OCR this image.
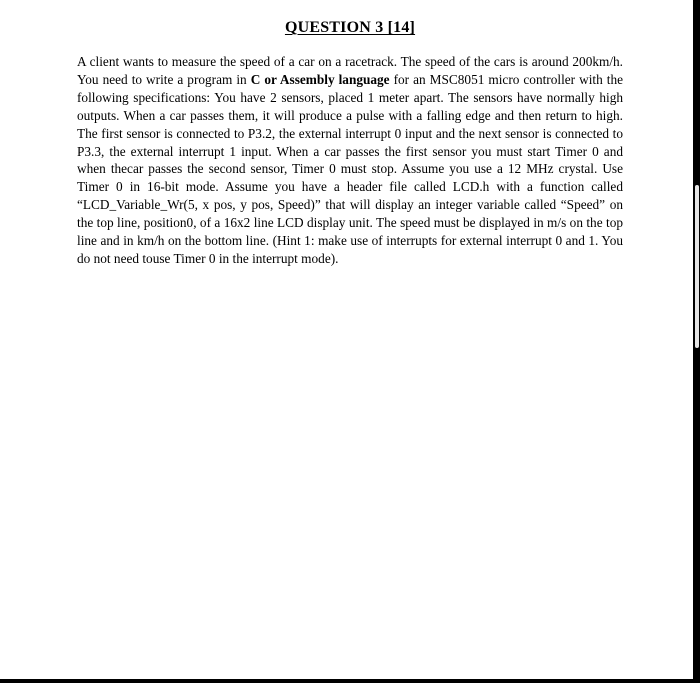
QUESTION 3 [14]

A client wants to measure the speed of a car on a racetrack. The speed of the cars is around 200km/h. You need to write a program in C or Assembly language for an MSC8051 micro controller with the following specifications: You have 2 sensors, placed 1 meter apart. The sensors have normally high outputs. When a car passes them, it will produce a pulse with a falling edge and then return to high. The first sensor is connected to P3.2, the external interrupt 0 input and the next sensor is connected to P3.3, the external interrupt 1 input. When a car passes the first sensor you must start Timer 0 and when thecar passes the second sensor, Timer 0 must stop. Assume you use a 12 MHz crystal. Use Timer 0 in 16-bit mode. Assume you have a header file called LCD.h with a function called “LCD_Variable_Wr(5, x pos, y pos, Speed)” that will display an integer variable called “Speed” on the top line, position0, of a 16x2 line LCD display unit. The speed must be displayed in m/s on the top line and in km/h on the bottom line. (Hint 1: make use of interrupts for external interrupt 0 and 1. You do not need touse Timer 0 in the interrupt mode).
